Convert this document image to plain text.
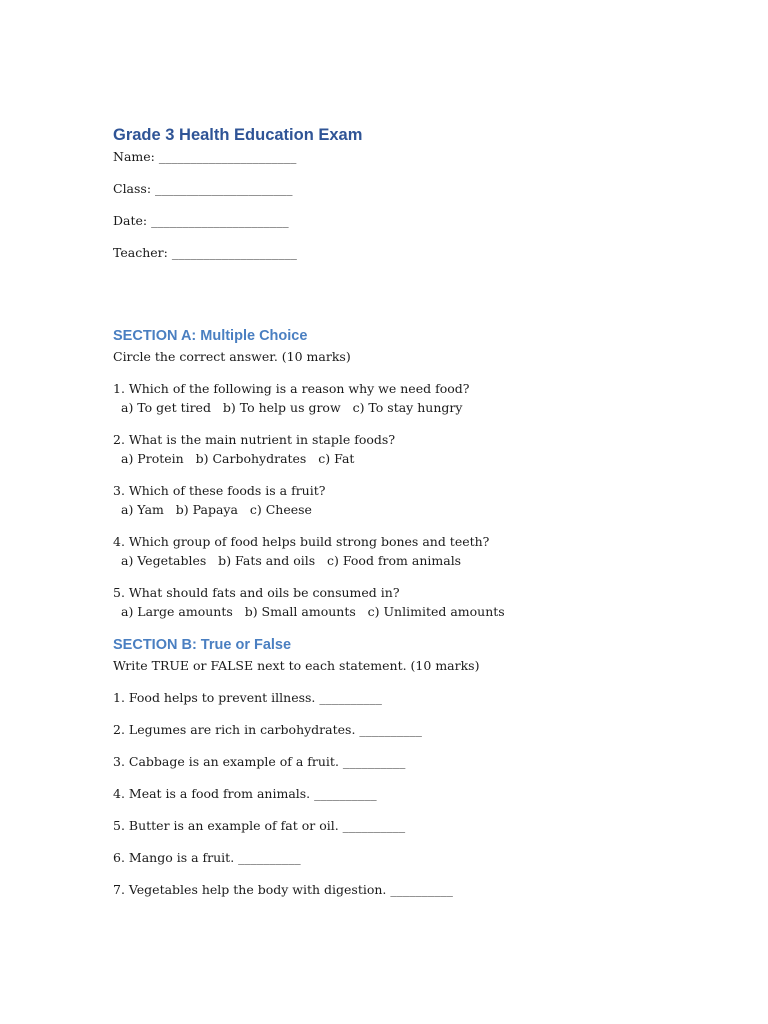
Grade 3 Health Education Exam
Name: ______________________
Class: ______________________
Date: ______________________
Teacher: ____________________
SECTION A: Multiple Choice
Circle the correct answer. (10 marks)
1. Which of the following is a reason why we need food?
a) To get tired   b) To help us grow   c) To stay hungry
2. What is the main nutrient in staple foods?
a) Protein   b) Carbohydrates   c) Fat
3. Which of these foods is a fruit?
a) Yam   b) Papaya   c) Cheese
4. Which group of food helps build strong bones and teeth?
a) Vegetables   b) Fats and oils   c) Food from animals
5. What should fats and oils be consumed in?
a) Large amounts   b) Small amounts   c) Unlimited amounts
SECTION B: True or False
Write TRUE or FALSE next to each statement. (10 marks)
1. Food helps to prevent illness. __________
2. Legumes are rich in carbohydrates. __________
3. Cabbage is an example of a fruit. __________
4. Meat is a food from animals. __________
5. Butter is an example of fat or oil. __________
6. Mango is a fruit. __________
7. Vegetables help the body with digestion. __________
